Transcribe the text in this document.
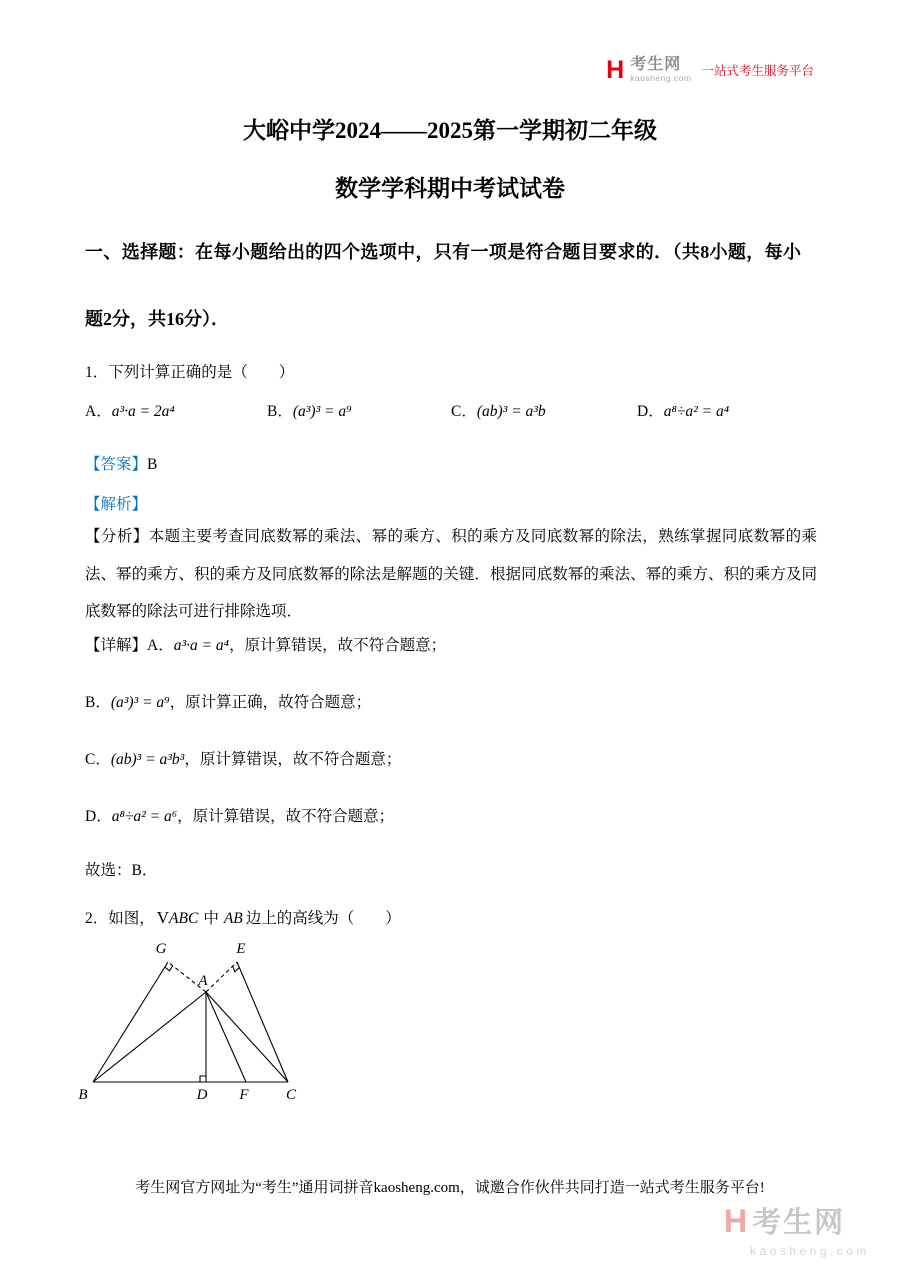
H 考生网
kaosheng.com
一站式考生服务平台
大峪中学2024——2025第一学期初二年级
数学学科期中考试试卷

一、选择题：在每小题给出的四个选项中，只有一项是符合题目要求的．（共8小题，每小题2分，共16分）．

1．下列计算正确的是（　　）

A．a³·a = 2a⁴	B．(a³)³ = a⁹	C．(ab)³ = a³b	D．a⁸÷a² = a⁴

【答案】B

【解析】

【分析】本题主要考查同底数幂的乘法、幂的乘方、积的乘方及同底数幂的除法，熟练掌握同底数幂的乘法、幂的乘方、积的乘方及同底数幂的除法是解题的关键．根据同底数幂的乘法、幂的乘方、积的乘方及同底数幂的除法可进行排除选项．

【详解】A．a³·a = a⁴，原计算错误，故不符合题意；

B．(a³)³ = a⁹，原计算正确，故符合题意；

C．(ab)³ = a³b³，原计算错误，故不符合题意；

D．a⁸÷a² = a⁶，原计算错误，故不符合题意；

故选：B．

2．如图， VABC 中 AB 边上的高线为（　　）

G	E
A
B	D F C

考生网官方网址为“考生”通用词拼音kaosheng.com，诚邀合作伙伴共同打造一站式考生服务平台!

H 考生网
kaosheng.com
